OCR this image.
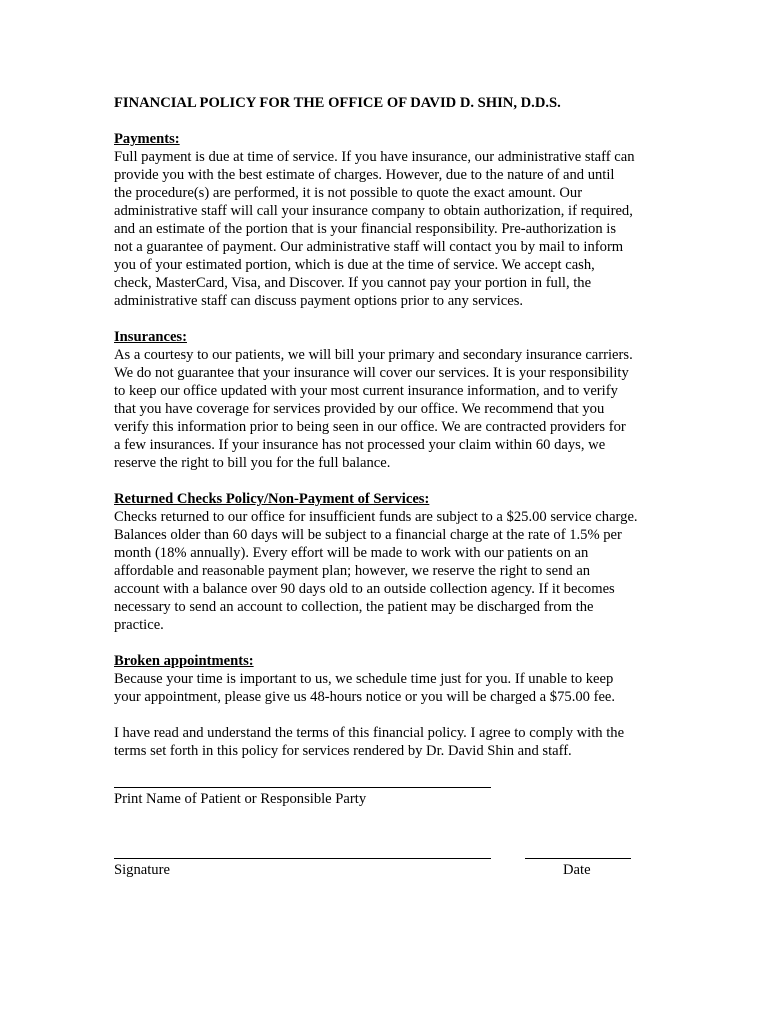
FINANCIAL POLICY FOR THE OFFICE OF DAVID D. SHIN, D.D.S.
Payments:
Full payment is due at time of service. If you have insurance, our administrative staff can
provide you with the best estimate of charges. However, due to the nature of and until
the procedure(s) are performed, it is not possible to quote the exact amount. Our
administrative staff will call your insurance company to obtain authorization, if required,
and an estimate of the portion that is your financial responsibility. Pre-authorization is
not a guarantee of payment. Our administrative staff will contact you by mail to inform
you of your estimated portion, which is due at the time of service. We accept cash,
check, MasterCard, Visa, and Discover. If you cannot pay your portion in full, the
administrative staff can discuss payment options prior to any services.
Insurances:
As a courtesy to our patients, we will bill your primary and secondary insurance carriers.
We do not guarantee that your insurance will cover our services. It is your responsibility
to keep our office updated with your most current insurance information, and to verify
that you have coverage for services provided by our office. We recommend that you
verify this information prior to being seen in our office. We are contracted providers for
a few insurances. If your insurance has not processed your claim within 60 days, we
reserve the right to bill you for the full balance.
Returned Checks Policy/Non-Payment of Services:
Checks returned to our office for insufficient funds are subject to a $25.00 service charge.
Balances older than 60 days will be subject to a financial charge at the rate of 1.5% per
month (18% annually). Every effort will be made to work with our patients on an
affordable and reasonable payment plan; however, we reserve the right to send an
account with a balance over 90 days old to an outside collection agency. If it becomes
necessary to send an account to collection, the patient may be discharged from the
practice.
Broken appointments:
Because your time is important to us, we schedule time just for you. If unable to keep
your appointment, please give us 48-hours notice or you will be charged a $75.00 fee.

I have read and understand the terms of this financial policy. I agree to comply with the
terms set forth in this policy for services rendered by Dr. David Shin and staff.

Print Name of Patient or Responsible Party
Signature	Date
